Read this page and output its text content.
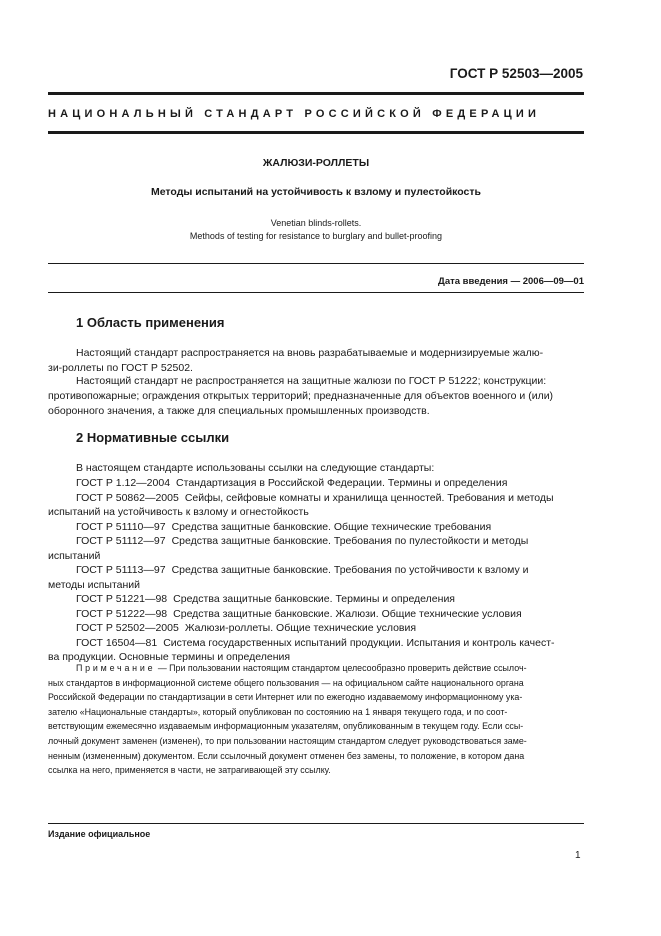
ГОСТ Р 52503—2005
НАЦИОНАЛЬНЫЙ СТАНДАРТ РОССИЙСКОЙ ФЕДЕРАЦИИ
ЖАЛЮЗИ-РОЛЛЕТЫ
Методы испытаний на устойчивость к взлому и пулестойкость
Venetian blinds-rollets.
Methods of testing for resistance to burglary and bullet-proofing
Дата введения — 2006—09—01
1 Область применения
Настоящий стандарт распространяется на вновь разрабатываемые и модернизируемые жалю-
зи-роллеты по ГОСТ Р 52502.
Настоящий стандарт не распространяется на защитные жалюзи по ГОСТ Р 51222; конструкции:
противопожарные; ограждения открытых территорий; предназначенные для объектов военного и (или)
оборонного значения, а также для специальных промышленных производств.
2 Нормативные ссылки
В настоящем стандарте использованы ссылки на следующие стандарты:
ГОСТ Р 1.12—2004 Стандартизация в Российской Федерации. Термины и определения
ГОСТ Р 50862—2005 Сейфы, сейфовые комнаты и хранилища ценностей. Требования и методы
испытаний на устойчивость к взлому и огнестойкость
ГОСТ Р 51110—97 Средства защитные банковские. Общие технические требования
ГОСТ Р 51112—97 Средства защитные банковские. Требования по пулестойкости и методы
испытаний
ГОСТ Р 51113—97 Средства защитные банковские. Требования по устойчивости к взлому и
методы испытаний
ГОСТ Р 51221—98 Средства защитные банковские. Термины и определения
ГОСТ Р 51222—98 Средства защитные банковские. Жалюзи. Общие технические условия
ГОСТ Р 52502—2005 Жалюзи-роллеты. Общие технические условия
ГОСТ 16504—81 Система государственных испытаний продукции. Испытания и контроль качест-
ва продукции. Основные термины и определения
Примечание — При пользовании настоящим стандартом целесообразно проверить действие ссылоч-
ных стандартов в информационной системе общего пользования — на официальном сайте национального органа
Российской Федерации по стандартизации в сети Интернет или по ежегодно издаваемому информационному ука-
зателю «Национальные стандарты», который опубликован по состоянию на 1 января текущего года, и по сoот-
ветствующим ежемесячно издаваемым информационным указателям, опубликованным в текущем году. Если ссы-
лочный документ заменен (изменен), то при пользовании настоящим стандартом следует руководствоваться заме-
ненным (измененным) документом. Если ссылочный документ отменен без замены, то положение, в котором дана
ссылка на него, применяется в части, не затрагивающей эту ссылку.
Издание официальное
1
